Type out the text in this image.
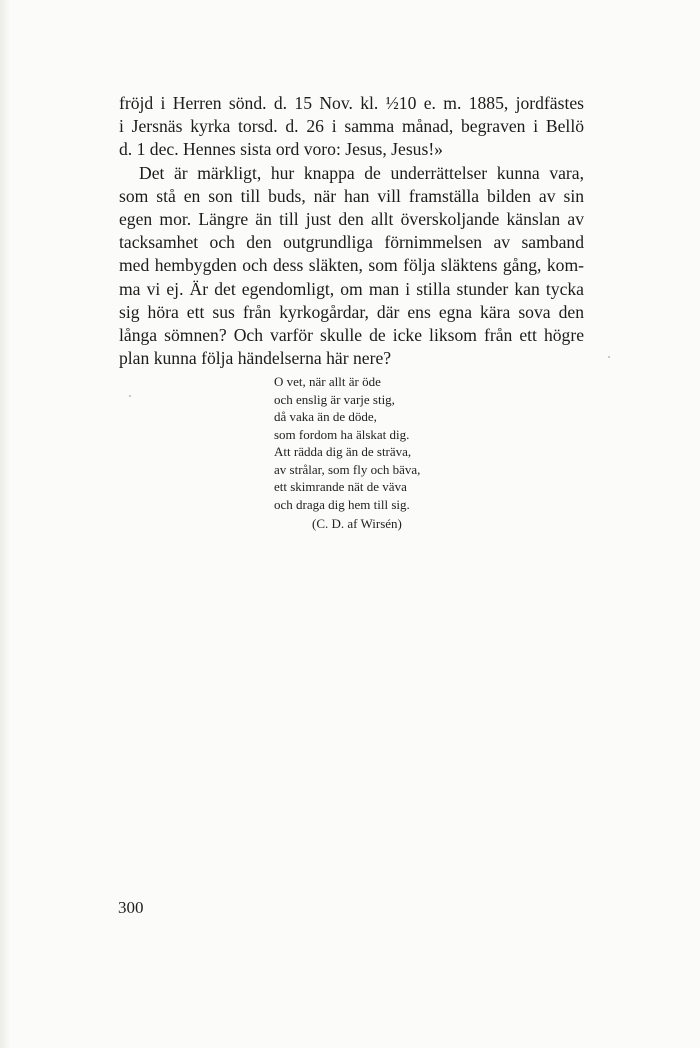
fröjd i Herren sönd. d. 15 Nov. kl. ½10 e. m. 1885, jordfästes
i Jersnäs kyrka torsd. d. 26 i samma månad, begraven i Bellö
d. 1 dec. Hennes sista ord voro: Jesus, Jesus!»
Det är märkligt, hur knappa de underrättelser kunna vara,
som stå en son till buds, när han vill framställa bilden av sin
egen mor. Längre än till just den allt överskoljande känslan av
tacksamhet och den outgrundliga förnimmelsen av samband
med hembygden och dess släkten, som följa släktens gång, kom-
ma vi ej. Är det egendomligt, om man i stilla stunder kan tycka
sig höra ett sus från kyrkogårdar, där ens egna kära sova den
långa sömnen? Och varför skulle de icke liksom från ett högre
plan kunna följa händelserna här nere?
O vet, när allt är öde
och enslig är varje stig,
då vaka än de döde,
som fordom ha älskat dig.
Att rädda dig än de sträva,
av strålar, som fly och bäva,
ett skimrande nät de väva
och draga dig hem till sig.
(C. D. af Wirsén)
300
